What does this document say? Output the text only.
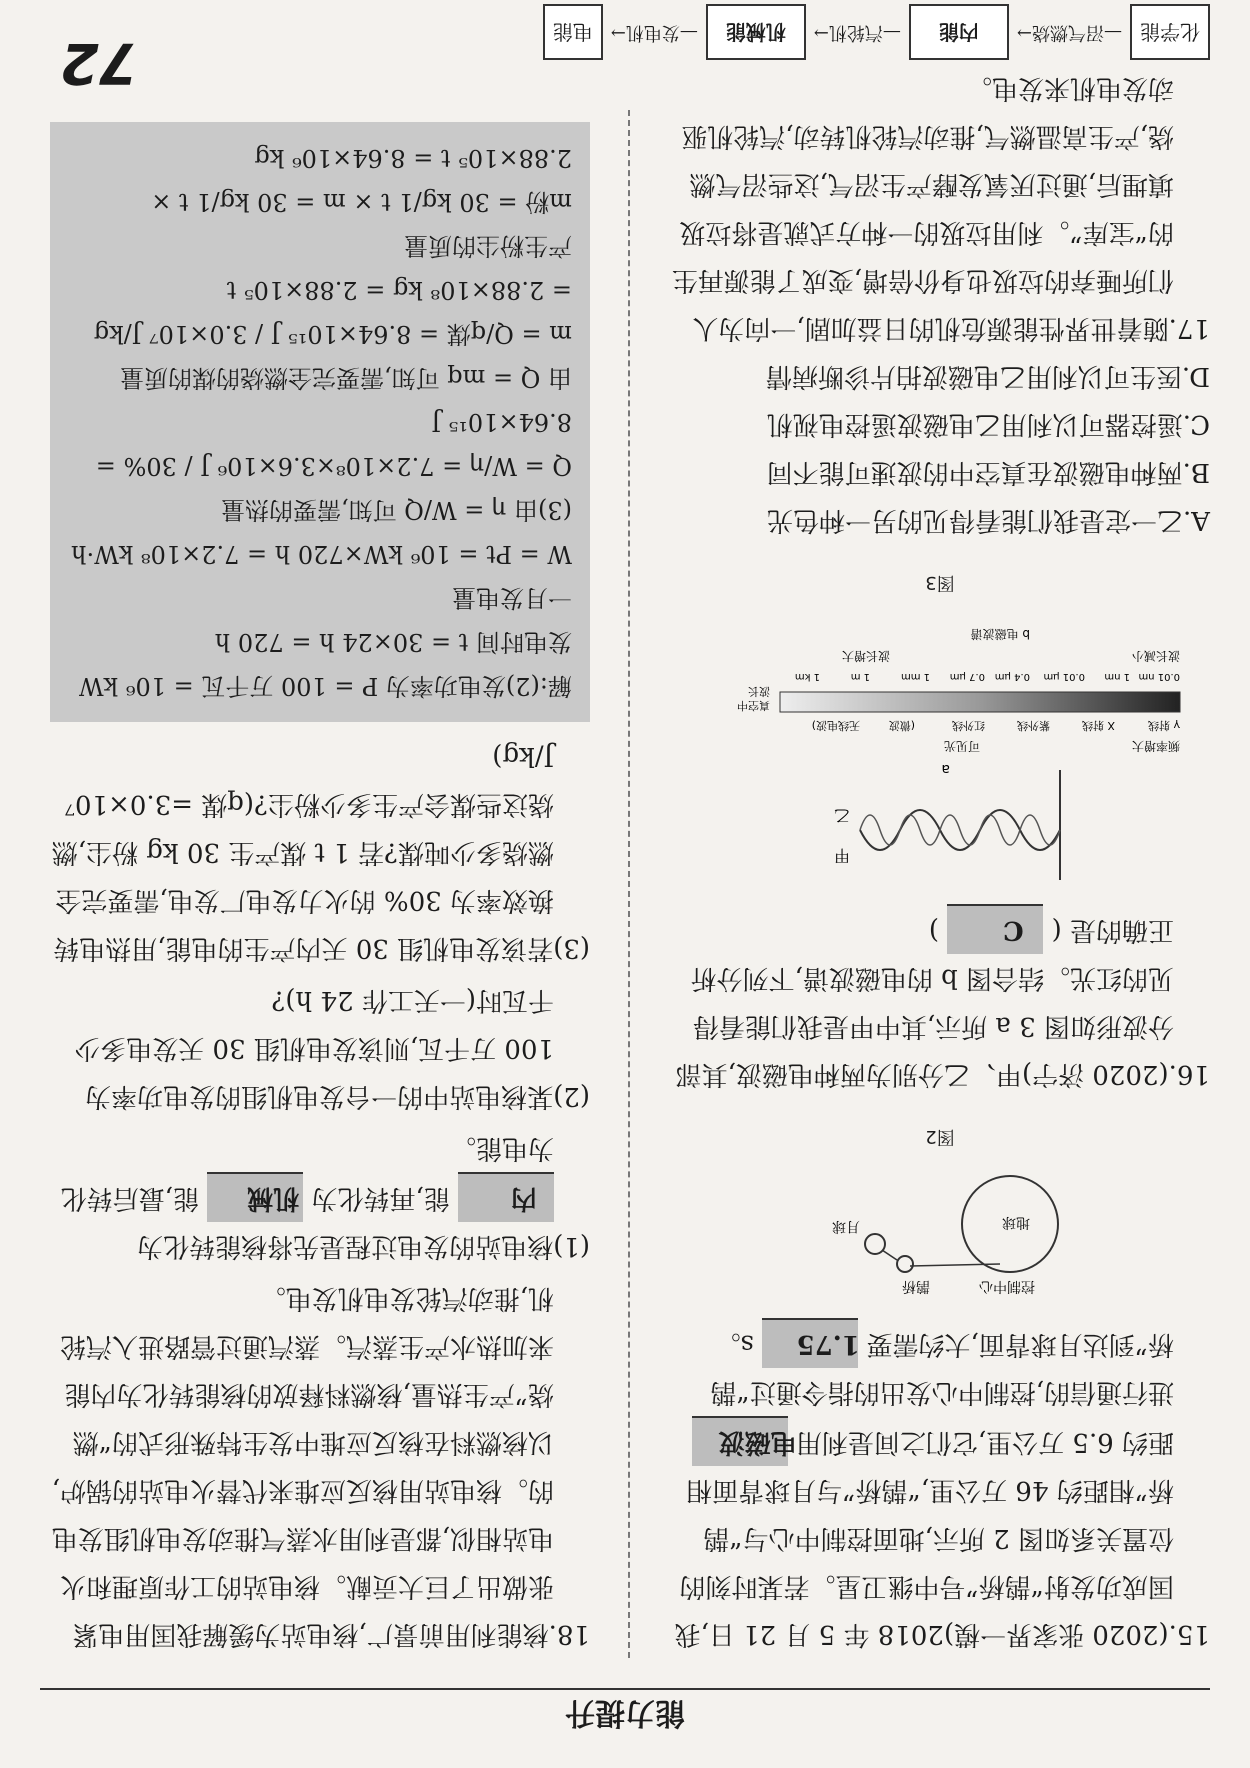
能力提升
15.(2020 张家界一模)2018 年 5 月 21 日,我国成功发射“鹊桥”号中继卫星。若某时刻的位置关系如图 2 所示,地面控制中心与“鹊桥”相距约 46 万公里,“鹊桥”与月球背面相距约 6.5 万公里,它们之间是利用 电磁波 进行通信的,控制中心发出的指令通过“鹊桥”到达月球背面,大约需要 1.75 s。
控制中心
地球
鹊桥
月球
图2
16.(2020 济宁)甲、乙分别为两种电磁波,其部分波形如图 3 a 所示,其中甲是我们能看得见的红光。结合图 b 的电磁波谱,下列分析正确的是 ( C )
甲
乙
a
频率增大
可见光
γ 射线
X 射线
紫外线
红外线
(微波
无线电波)
真空中
波长
0.01 nm
1 nm
0.01 μm
0.4 μm
0.7 μm
1 mm
1 m
1 km
波长减小
波长增大
b 电磁波谱
图3
A.乙一定是我们能看得见的另一种色光
B.两种电磁波在真空中的波速可能不同
C.遥控器可以利用乙电磁波遥控电视机
D.医生可以利用乙电磁波拍片诊断病情
17.随着世界性能源危机的日益加剧,一向为人们所唾弃的垃圾也身价倍增,变成了能源再生的“宝库”。利用垃圾的一种方式就是将垃圾填埋后,通过厌氧发酵产生沼气,这些沼气燃烧,产生高温燃气,推动汽轮机转动,汽轮机驱动发电机来发电。
化学能
—沼气燃烧→
内能
—汽轮机→
机械能
—发电机→
电能

18.核能利用前景广,核电站为缓解我国用电紧张做出了巨大贡献。核电站的工作原理和火电站相似,都是利用水蒸气推动发电机组发电的。核电站用核反应堆来代替火电站的锅炉,以核燃料在核反应堆中发生特殊形式的“燃烧”产生热量,核燃料释放的核能转化为内能来加热水产生蒸汽。蒸汽通过管路进入汽轮机,推动汽轮发电机发电。
(1)核电站的发电过程是先将核能转化为 内 能,再转化为 机械 能,最后转化为电能。
(2)某核电站中的一台发电机组的发电功率为 100 万千瓦,则该发电机组 30 天发电多少千瓦时(一天工作 24 h)?
(3)若该发电机组 30 天内产生的电能,用热电转换效率为 30% 的火力发电厂发电,需要完全燃烧多少吨煤?若 1 t 煤产生 30 kg 粉尘,燃烧这些煤会产生多少粉尘?(q煤 =3.0×10⁷ J/kg)
解:(2)发电功率为 P = 100 万千瓦 = 10⁶ kW
发电时间 t = 30×24 h = 720 h
一月发电量
W = Pt = 10⁶ kW×720 h = 7.2×10⁸ kW·h
(3)由 η = W/Q 可知,需要的热量
Q = W/η = 7.2×10⁸×3.6×10⁶ J / 30% = 8.64×10¹⁵ J
由 Q = mq 可知,需要完全燃烧的煤的质量
m = Q/q煤 = 8.64×10¹⁵ J / 3.0×10⁷ J/kg = 2.88×10⁸ kg = 2.88×10⁵ t
产生粉尘的质量
m粉 = 30 kg/1 t × m = 30 kg/1 t × 2.88×10⁵ t = 8.64×10⁶ kg
72
